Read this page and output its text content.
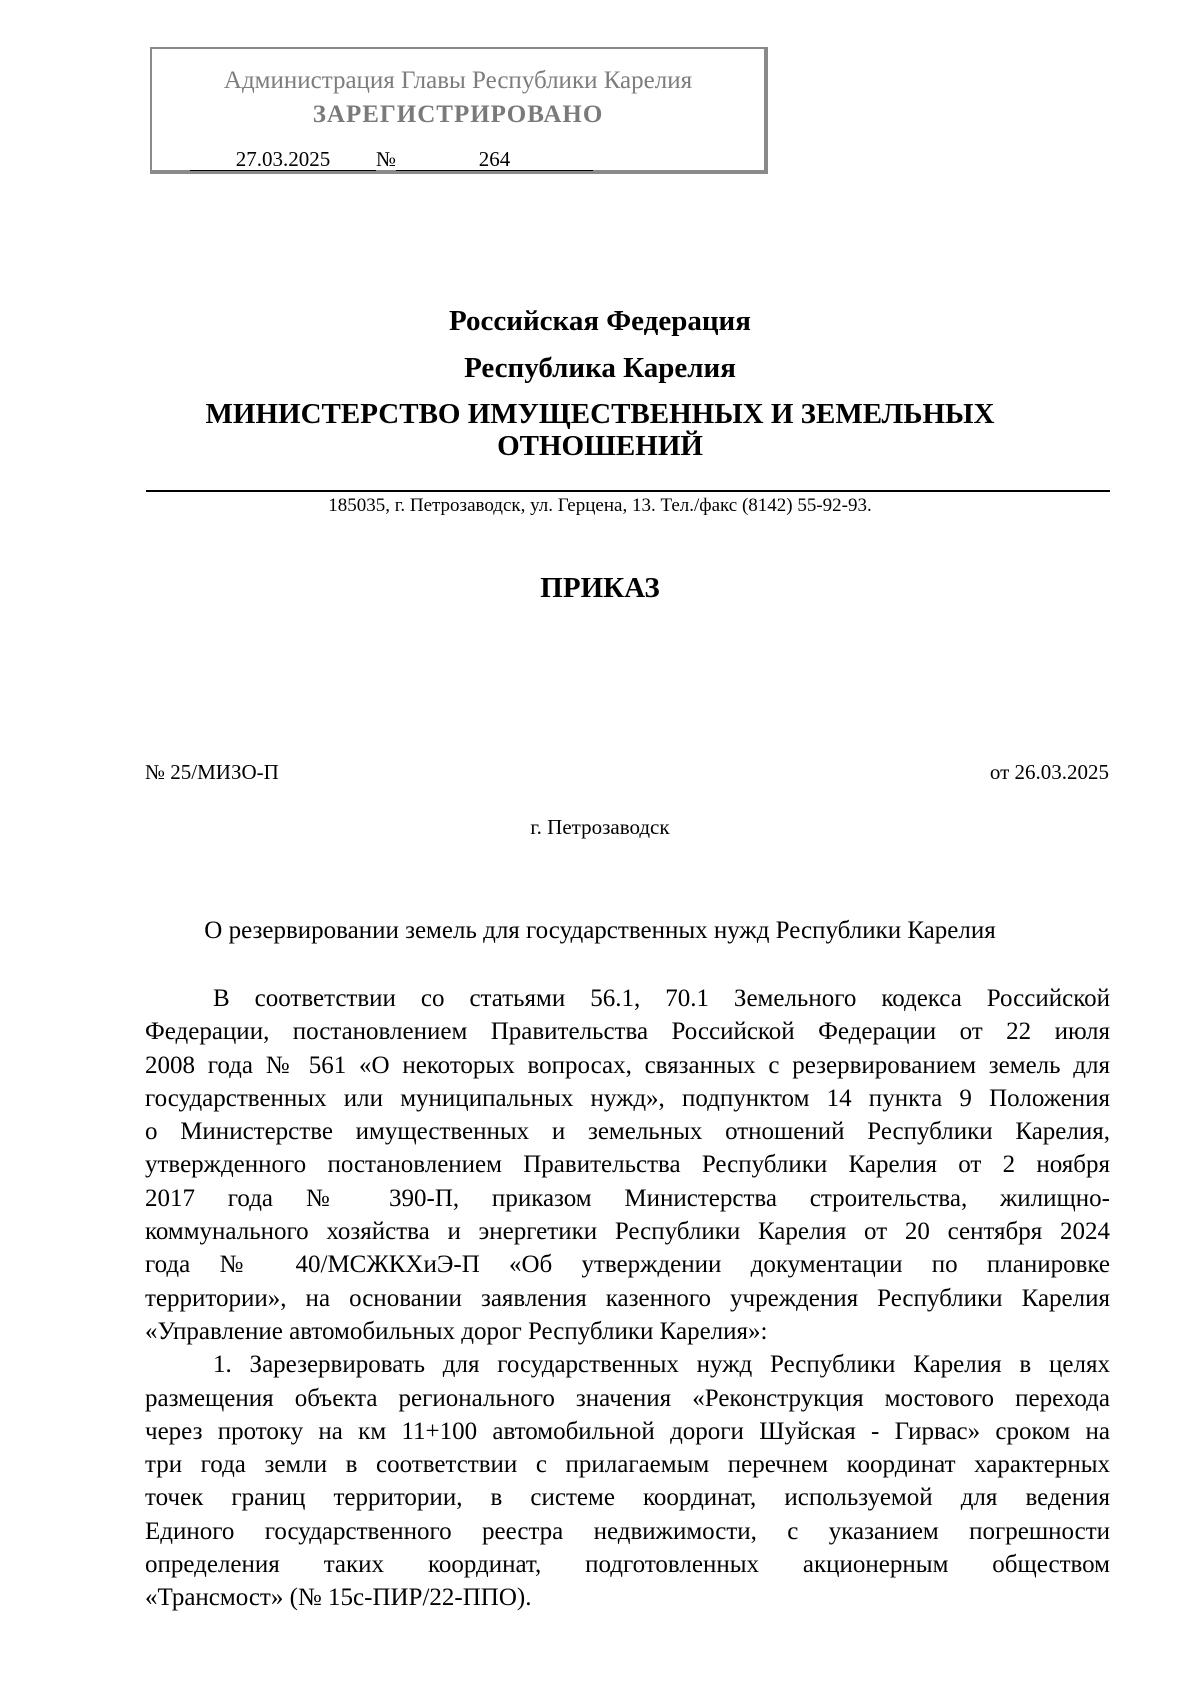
Администрация Главы Республики Карелия
ЗАРЕГИСТРИРОВАНО
27.03.2025 №	264
Российская Федерация
Республика Карелия
МИНИСТЕРСТВО ИМУЩЕСТВЕННЫХ И ЗЕМЕЛЬНЫХ
ОТНОШЕНИЙ
185035, г. Петрозаводск, ул. Герцена, 13. Тел./факс (8142) 55-92-93.
ПРИКАЗ
№ 25/МИЗО-П	от 26.03.2025
г. Петрозаводск
О резервировании земель для государственных нужд Республики Карелия
В соответствии со статьями 56.1, 70.1 Земельного кодекса Российской
Федерации, постановлением Правительства Российской Федерации от 22 июля
2008 года № 561 «О некоторых вопросах, связанных с резервированием земель для
государственных или муниципальных нужд», подпунктом 14 пункта 9 Положения
о Министерстве имущественных и земельных отношений Республики Карелия,
утвержденного постановлением Правительства Республики Карелия от 2 ноября
2017 года № 390-П, приказом Министерства строительства, жилищно-
коммунального хозяйства и энергетики Республики Карелия от 20 сентября 2024
года № 40/МСЖКХиЭ-П «Об утверждении документации по планировке
территории», на основании заявления казенного учреждения Республики Карелия
«Управление автомобильных дорог Республики Карелия»:
1. Зарезервировать для государственных нужд Республики Карелия в целях
размещения объекта регионального значения «Реконструкция мостового перехода
через протоку на км 11+100 автомобильной дороги Шуйская - Гирвас» сроком на
три года земли в соответствии с прилагаемым перечнем координат характерных
точек границ территории, в системе координат, используемой для ведения
Единого государственного реестра недвижимости, с указанием погрешности
определения таких координат, подготовленных акционерным обществом
«Трансмост» (№ 15с-ПИР/22-ППО).
